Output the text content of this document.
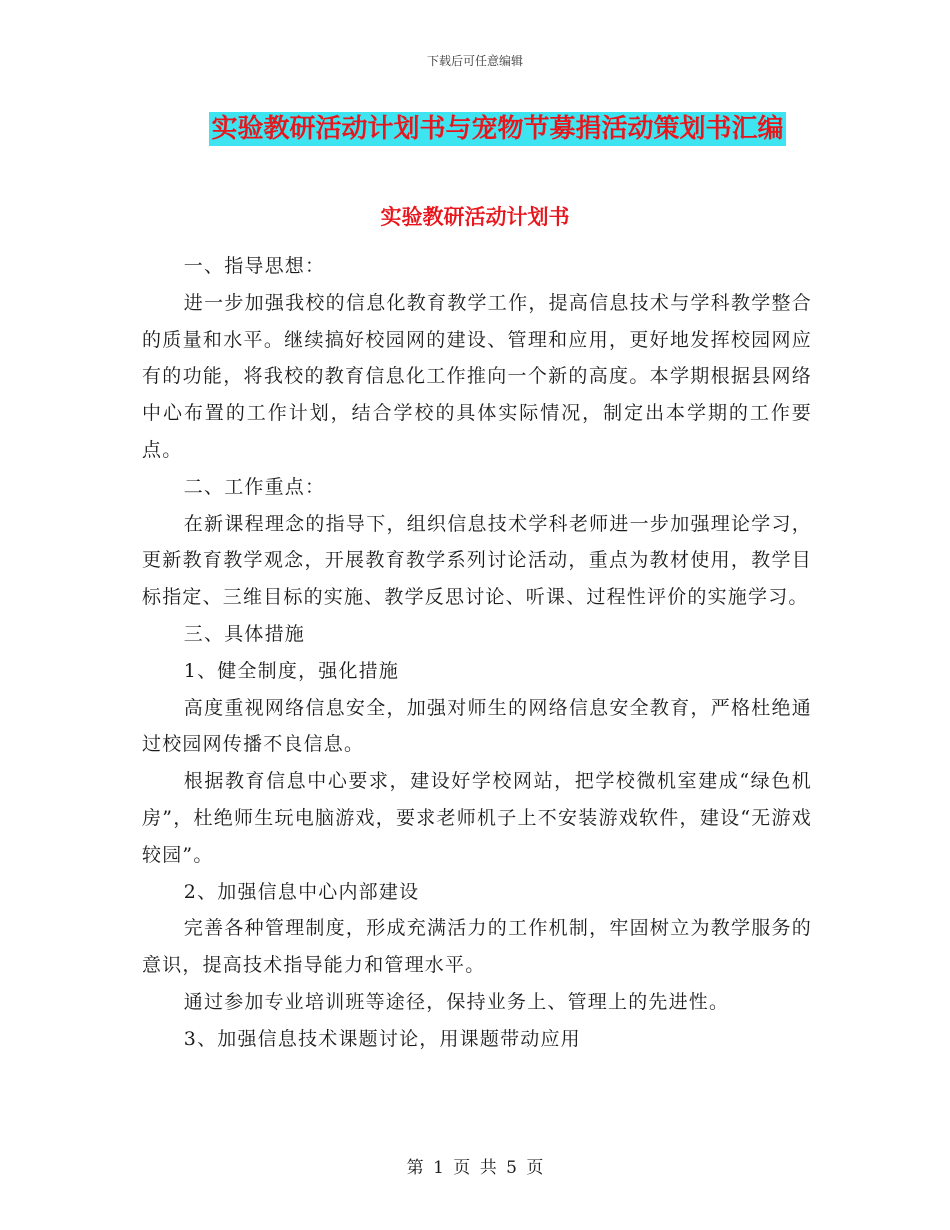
下载后可任意编辑
实验教研活动计划书与宠物节募捐活动策划书汇编
实验教研活动计划书

一、指导思想：

进一步加强我校的信息化教育教学工作，提高信息技术与学科教学整合的质量和水平。继续搞好校园网的建设、管理和应用，更好地发挥校园网应有的功能，将我校的教育信息化工作推向一个新的高度。本学期根据县网络中心布置的工作计划，结合学校的具体实际情况，制定出本学期的工作要点。

二、工作重点：

在新课程理念的指导下，组织信息技术学科老师进一步加强理论学习，更新教育教学观念，开展教育教学系列讨论活动，重点为教材使用，教学目标指定、三维目标的实施、教学反思讨论、听课、过程性评价的实施学习。

三、具体措施

1、健全制度，强化措施

高度重视网络信息安全，加强对师生的网络信息安全教育，严格杜绝通过校园网传播不良信息。

根据教育信息中心要求，建设好学校网站，把学校微机室建成“绿色机房”，杜绝师生玩电脑游戏，要求老师机子上不安装游戏软件，建设“无游戏较园”。

2、加强信息中心内部建设

完善各种管理制度，形成充满活力的工作机制，牢固树立为教学服务的意识，提高技术指导能力和管理水平。

通过参加专业培训班等途径，保持业务上、管理上的先进性。

3、加强信息技术课题讨论，用课题带动应用

第 1 页 共 5 页
